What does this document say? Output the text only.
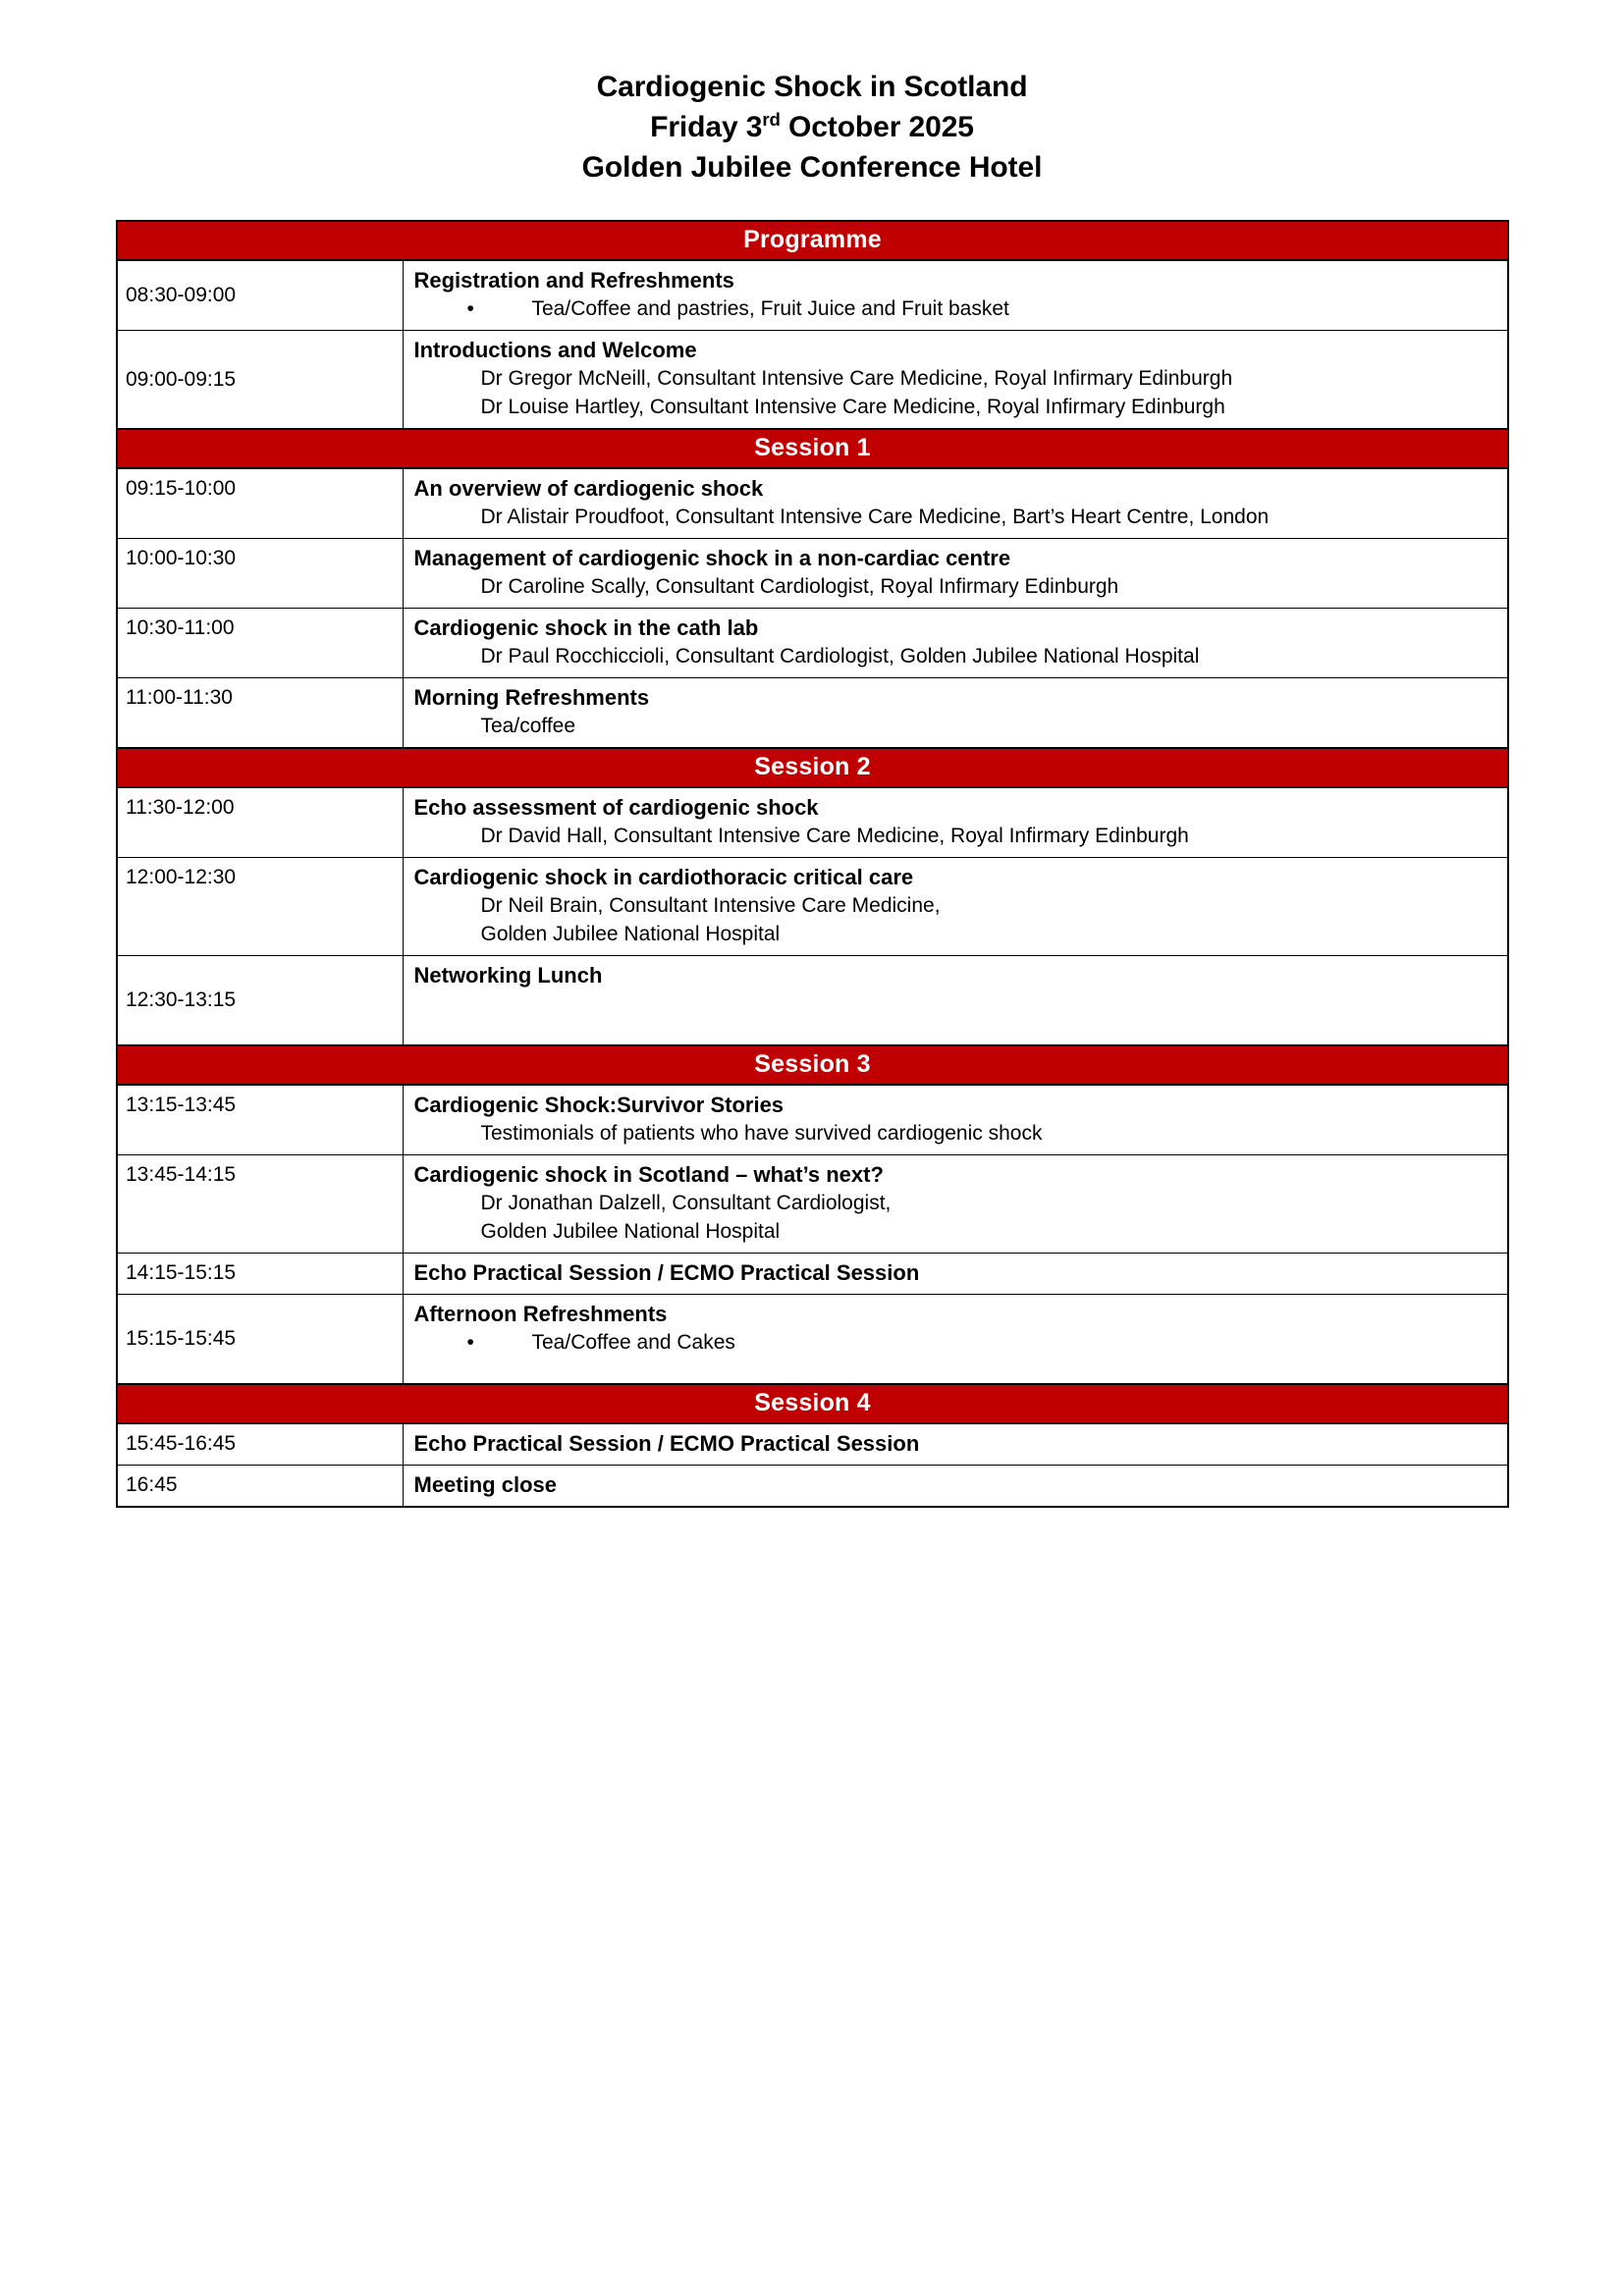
Cardiogenic Shock in Scotland
Friday 3rd October 2025
Golden Jubilee Conference Hotel
Programme	

08:30-09:00	Registration and Refreshments
• Tea/Coffee and pastries, Fruit Juice and Fruit basket

09:00-09:15	Introductions and Welcome
Dr Gregor McNeill, Consultant Intensive Care Medicine, Royal Infirmary Edinburgh
Dr Louise Hartley, Consultant Intensive Care Medicine, Royal Infirmary Edinburgh

Session 1	

09:15-10:00	An overview of cardiogenic shock
Dr Alistair Proudfoot, Consultant Intensive Care Medicine, Bart’s Heart Centre, London

10:00-10:30	Management of cardiogenic shock in a non-cardiac centre
Dr Caroline Scally, Consultant Cardiologist, Royal Infirmary Edinburgh

10:30-11:00	Cardiogenic shock in the cath lab
Dr Paul Rocchiccioli, Consultant Cardiologist, Golden Jubilee National Hospital

11:00-11:30	Morning Refreshments
Tea/coffee

Session 2	

11:30-12:00	Echo assessment of cardiogenic shock
Dr David Hall, Consultant Intensive Care Medicine, Royal Infirmary Edinburgh

12:00-12:30	Cardiogenic shock in cardiothoracic critical care
Dr Neil Brain, Consultant Intensive Care Medicine,
Golden Jubilee National Hospital

12:30-13:15	Networking Lunch

Session 3	

13:15-13:45	Cardiogenic Shock:Survivor Stories
Testimonials of patients who have survived cardiogenic shock

13:45-14:15	Cardiogenic shock in Scotland – what’s next?
Dr Jonathan Dalzell, Consultant Cardiologist,
Golden Jubilee National Hospital

14:15-15:15	Echo Practical Session / ECMO Practical Session

15:15-15:45	Afternoon Refreshments
• Tea/Coffee and Cakes

Session 4	

15:45-16:45	Echo Practical Session / ECMO Practical Session

16:45	Meeting close
